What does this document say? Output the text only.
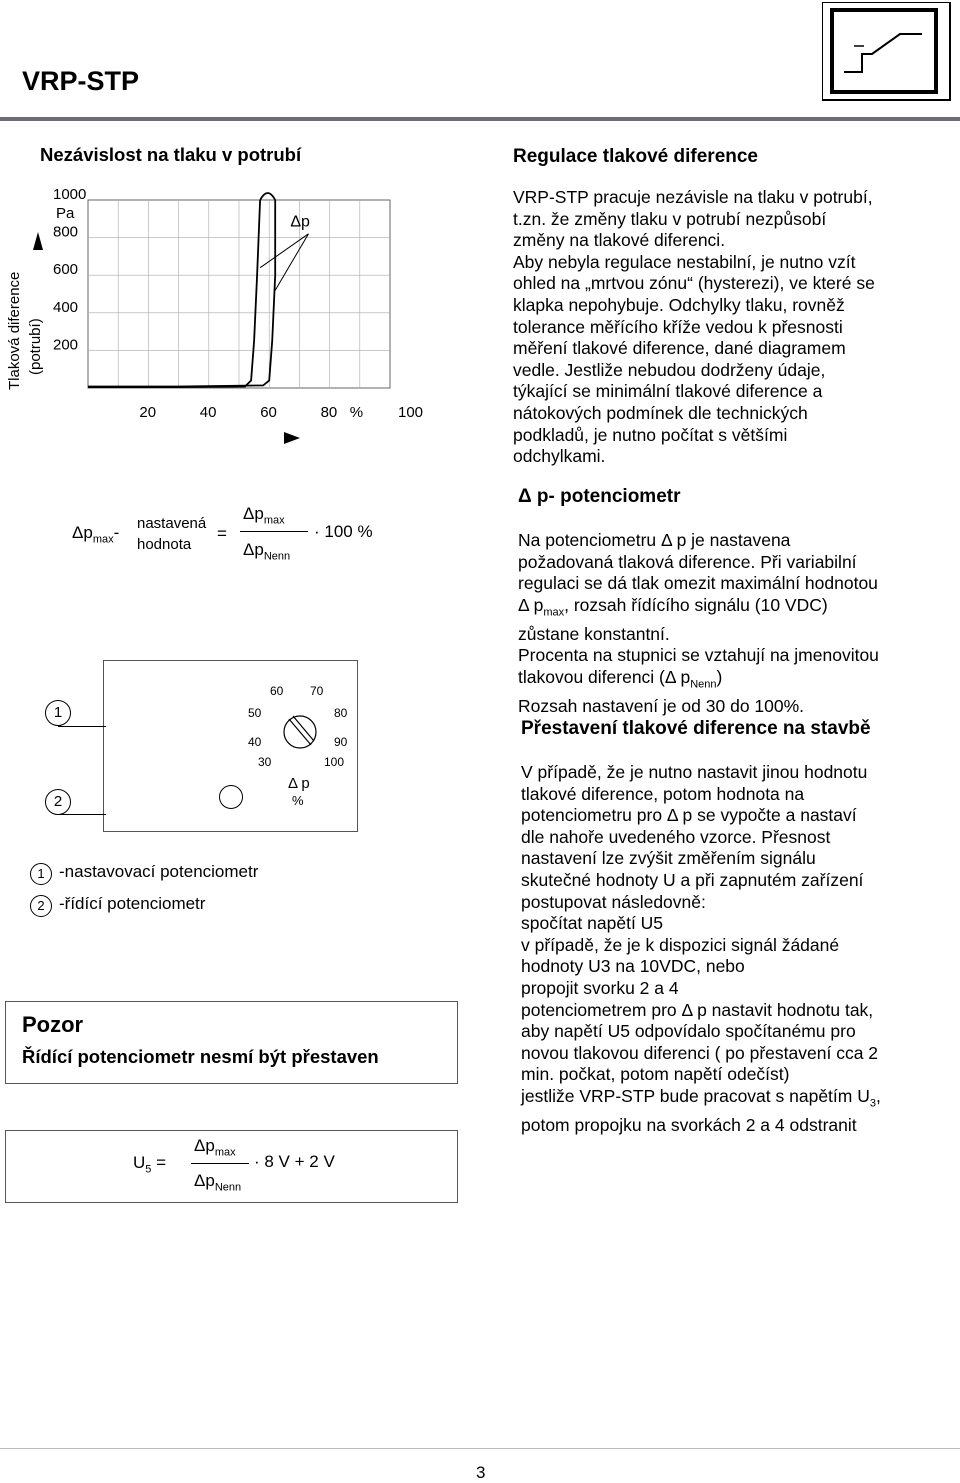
VRP-STP
Nezávislost na tlaku v potrubí
1000
800
600
400
200
Pa
20	40	60	80	100
%
Δp
Tlaková diference (potrubí)
$\Delta p_{max}-$ nastavená
hodnota
=
$\Delta p_{max}$
$\Delta p_{Nenn}$
· 100 %
1
2
30
40
50
60 70
80
90
100
Δ p
%
1 -nastavovací potenciometr
2 -řídící potenciometr
Pozor
Řídící potenciometr nesmí být přestaven
$U_5$ =
$\Delta p_{max}$
$\Delta p_{Nenn}$
· 8 V + 2 V
Regulace tlakové diference
VRP-STP pracuje nezávisle na tlaku v potrubí,
t.zn. že změny tlaku v potrubí nezpůsobí
změny na tlakové diferenci.
Aby nebyla regulace nestabilní, je nutno vzít
ohled na „mrtvou zónu“ (hysterezi), ve které se
klapka nepohybuje. Odchylky tlaku, rovněž
tolerance měřícího kříže vedou k přesnosti
měření tlakové diference, dané diagramem
vedle. Jestliže nebudou dodrženy údaje,
týkající se minimální tlakové diference a
nátokových podmínek dle technických
podkladů, je nutno počítat s většími
odchylkami.
Δ p- potenciometr
Na potenciometru Δ p je nastavena
požadovaná tlaková diference. Při variabilní
regulaci se dá tlak omezit maximální hodnotou
Δ $p_{max}$, rozsah řídícího signálu (10 VDC)
zůstane konstantní.
Procenta na stupnici se vztahují na jmenovitou
tlakovou diferenci (Δ $p_{Nenn}$)
Rozsah nastavení je od 30 do 100%.
Přestavení tlakové diference na stavbě
V případě, že je nutno nastavit jinou hodnotu
tlakové diference, potom hodnota na
potenciometru pro Δ p se vypočte a nastaví
dle nahoře uvedeného vzorce. Přesnost
nastavení lze zvýšit změřením signálu
skutečné hodnoty U a při zapnutém zařízení
postupovat následovně:
spočítat napětí U5
v případě, že je k dispozici signál žádané
hodnoty U3 na 10VDC, nebo
propojit svorku 2 a 4
potenciometrem pro Δ p nastavit hodnotu tak,
aby napětí U5 odpovídalo spočítanému pro
novou tlakovou diferenci ( po přestavení cca 2
min. počkat, potom napětí odečíst)
jestliže VRP-STP bude pracovat s napětím $U_3$,
potom propojku na svorkách 2 a 4 odstranit
3
